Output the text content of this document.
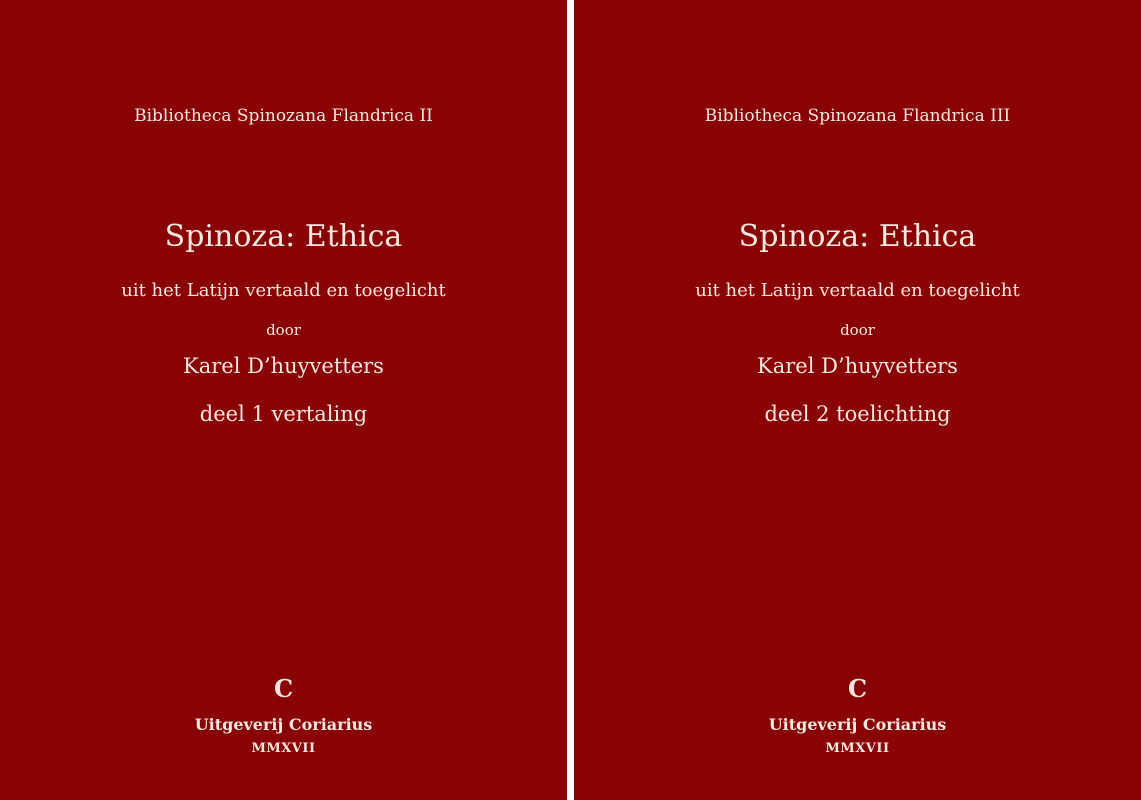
Bibliotheca Spinozana Flandrica II
Spinoza: Ethica
uit het Latijn vertaald en toegelicht
door
Karel D’huyvetters
deel 1 vertaling
C
Uitgeverij Coriarius
MMXVII
Bibliotheca Spinozana Flandrica III
Spinoza: Ethica
uit het Latijn vertaald en toegelicht
door
Karel D’huyvetters
deel 2 toelichting
C
Uitgeverij Coriarius
MMXVII
